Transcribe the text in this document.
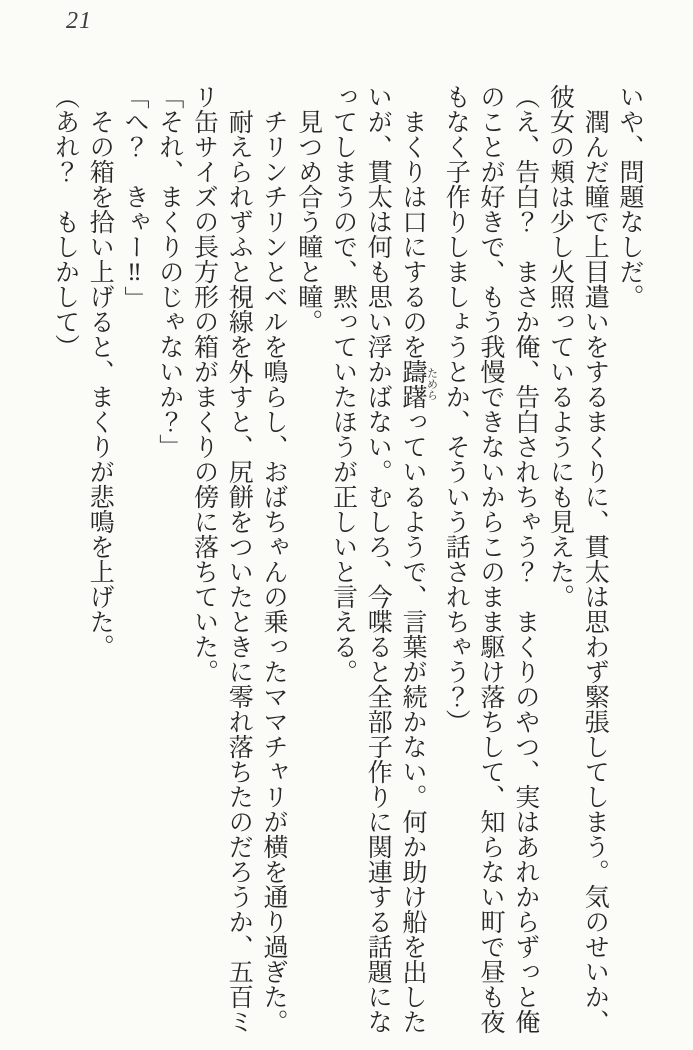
21

いや、問題なしだ。

潤んだ瞳で上目遣いをするまくりに、貫太は思わず緊張してしまう。気のせいか、彼女の頬は少し火照っているようにも見えた。

（え、告白？　まさか俺、告白されちゃう？　まくりのやつ、実はあれからずっと俺のことが好きで、もう我慢できないからこのまま駆け落ちして、知らない町で昼も夜もなく子作りしましょうとか、そういう話されちゃう？）

まくりは口にするのを躊躇 ためらっているようで、言葉が続かない。何か助け船を出したいが、貫太は何も思い浮かばない。むしろ、今喋ると全部子作りに関連する話題になってしまうので、黙っていたほうが正しいと言える。

見つめ合う瞳と瞳。

チリンチリンとベルを鳴らし、おばちゃんの乗ったママチャリが横を通り過ぎた。

耐えられずふと視線を外すと、尻餅をついたときに零れ落ちたのだろうか、五百ミリ缶サイズの長方形の箱がまくりの傍に落ちていた。

「それ、まくりのじゃないか？」

「へ？　きゃー‼」

その箱を拾い上げると、まくりが悲鳴を上げた。

（あれ？　もしかして）
